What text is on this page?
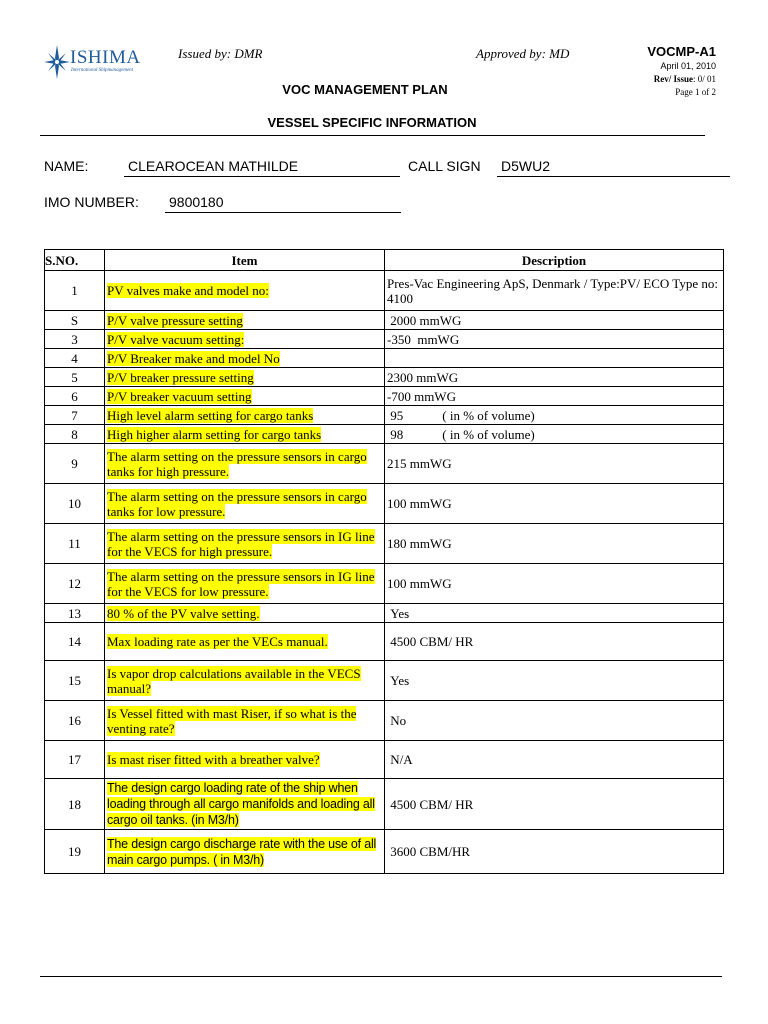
ISHIMA
International Shipmanagement
Issued by: DMR	Approved by: MD	VOCMP-A1
April 01, 2010
Rev/ Issue: 0/ 01
Page 1 of 2
VOC MANAGEMENT PLAN
VESSEL SPECIFIC INFORMATION
NAME:	CLEAROCEAN MATHILDE	CALL SIGN D5WU2
IMO NUMBER: 9800180
S.NO.	Item	Description
1	PV valves make and model no:	Pres-Vac Engineering ApS, Denmark / Type:PV/ ECO Type no: 4100
S	P/V valve pressure setting	2000 mmWG
3	P/V valve vacuum setting:	-350  mmWG
4	P/V Breaker make and model No	
5	P/V breaker pressure setting	2300 mmWG
6	P/V breaker vacuum setting	-700 mmWG
7	High level alarm setting for cargo tanks	95            ( in % of volume)
8	High higher alarm setting for cargo tanks	98            ( in % of volume)
9	The alarm setting on the pressure sensors in cargo tanks for high pressure.	215 mmWG
10	The alarm setting on the pressure sensors in cargo tanks for low pressure.	100 mmWG
11	The alarm setting on the pressure sensors in IG line for the VECS for high pressure.	180 mmWG
12	The alarm setting on the pressure sensors in IG line for the VECS for low pressure.	100 mmWG
13	80 % of the PV valve setting.	Yes
14	Max loading rate as per the VECs manual.	4500 CBM/ HR
15	Is vapor drop calculations available in the VECS manual?	Yes
16	Is Vessel fitted with mast Riser, if so what is the venting rate?	No
17	Is mast riser fitted with a breather valve?	N/A
18	The design cargo loading rate of the ship when loading through all cargo manifolds and loading all cargo oil tanks. (in M3/h)	4500 CBM/ HR
19	The design cargo discharge rate with the use of all main cargo pumps. ( in M3/h)	3600 CBM/HR
